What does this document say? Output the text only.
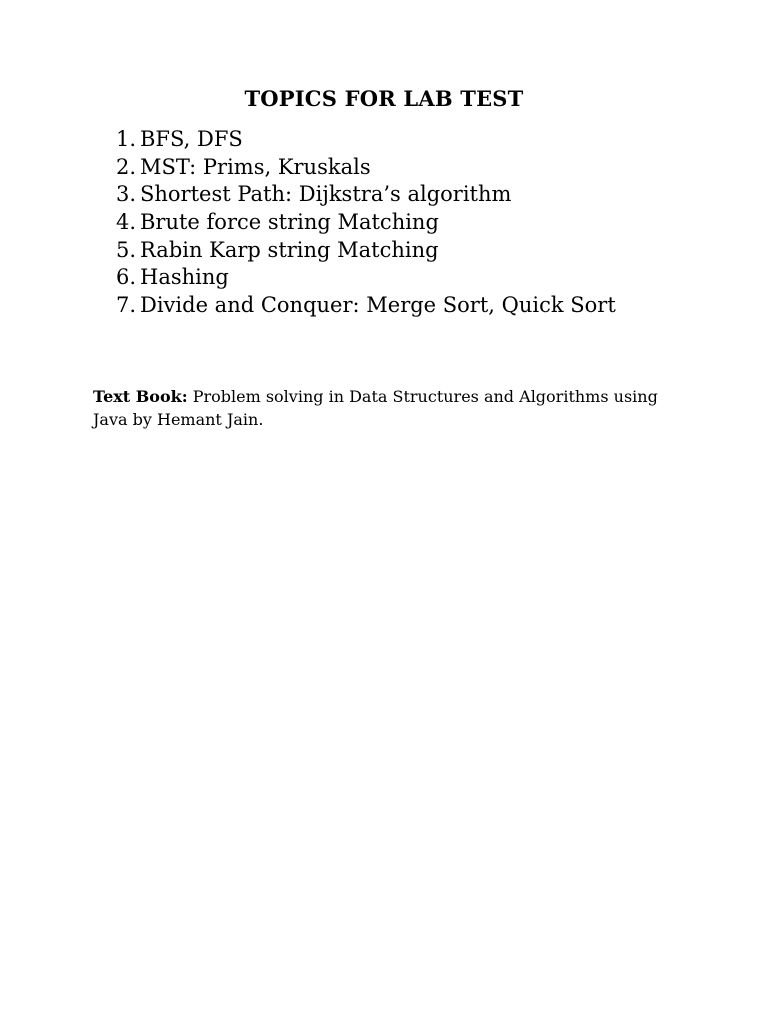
TOPICS FOR LAB TEST
1. BFS, DFS
2. MST: Prims, Kruskals
3. Shortest Path: Dijkstra’s algorithm
4. Brute force string Matching
5. Rabin Karp string Matching
6. Hashing
7. Divide and Conquer: Merge Sort, Quick Sort

Text Book: Problem solving in Data Structures and Algorithms using Java by Hemant Jain.
